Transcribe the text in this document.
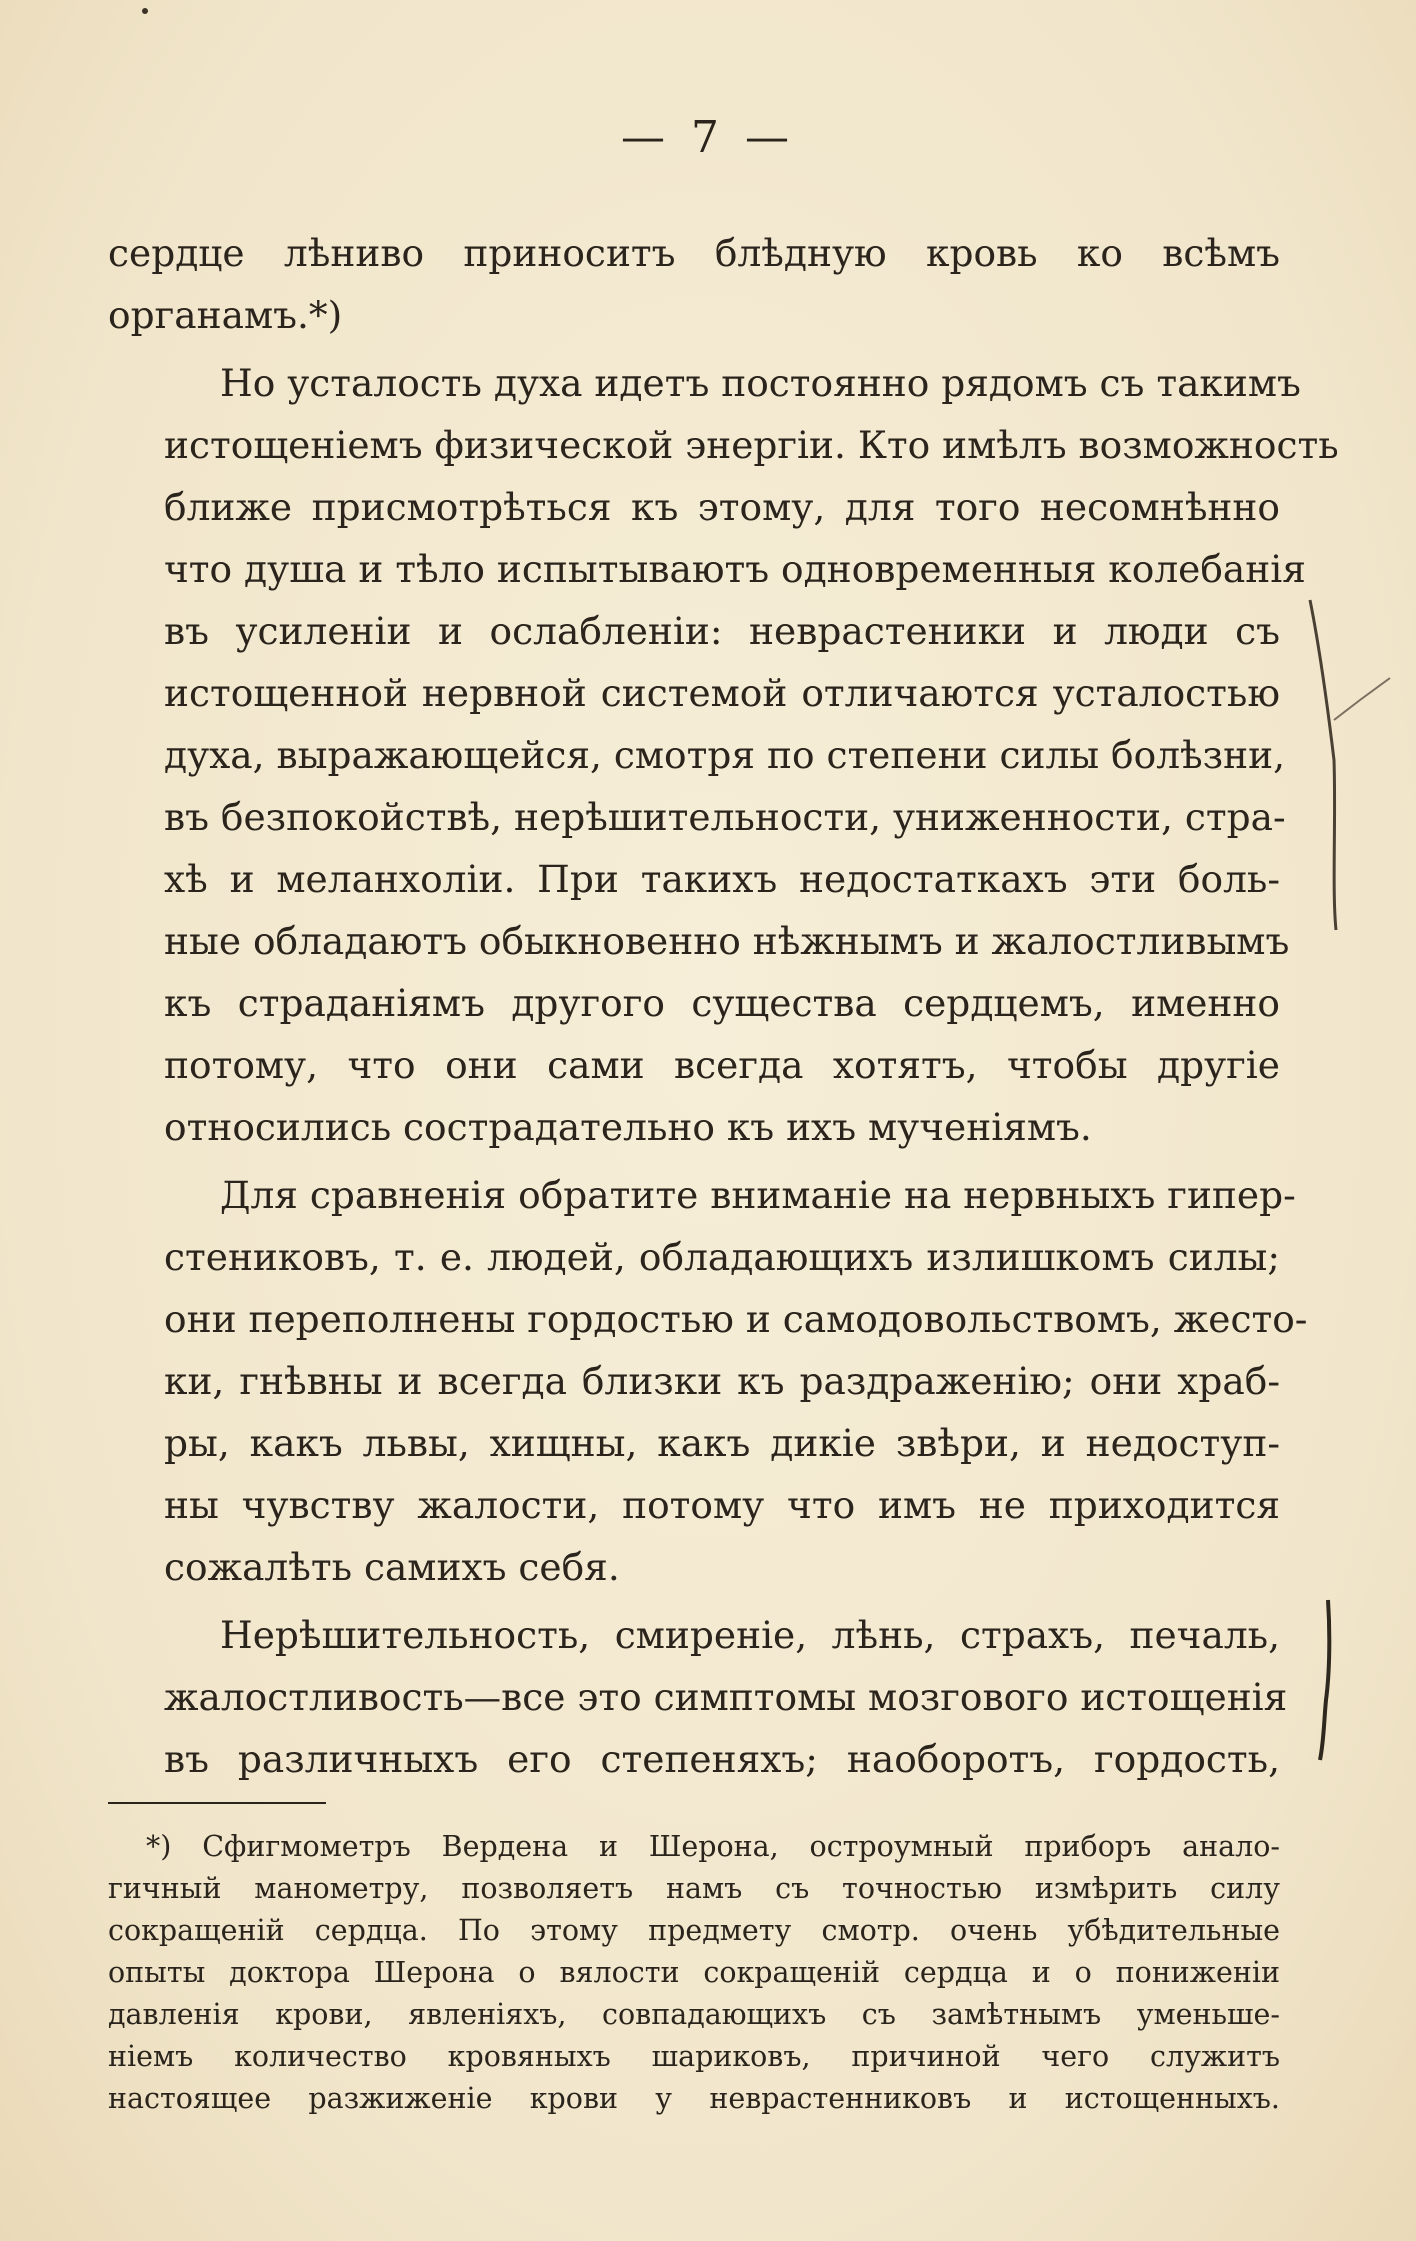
— 7 —

сердце лѣниво приноситъ блѣдную кровь ко всѣмъ
органамъ.*)

Но усталость духа идетъ постоянно рядомъ съ такимъ
истощеніемъ физической энергіи. Кто имѣлъ возможность
ближе присмотрѣться къ этому, для того несомнѣнно
что душа и тѣло испытываютъ одновременныя колебанія
въ усиленіи и ослабленіи: неврастеники и люди съ
истощенной нервной системой отличаются усталостью
духа, выражающейся, смотря по степени силы болѣзни,
въ безпокойствѣ, нерѣшительности, униженности, стра-
хѣ и меланхоліи. При такихъ недостаткахъ эти боль-
ные обладаютъ обыкновенно нѣжнымъ и жалостливымъ
къ страданіямъ другого существа сердцемъ, именно
потому, что они сами всегда хотятъ, чтобы другіе
относились сострадательно къ ихъ мученіямъ.

Для сравненія обратите вниманіе на нервныхъ гипер-
стениковъ, т. е. людей, обладающихъ излишкомъ силы;
они переполнены гордостью и самодовольствомъ, жесто-
ки, гнѣвны и всегда близки къ раздраженію; они храб-
ры, какъ львы, хищны, какъ дикіе звѣри, и недоступ-
ны чувству жалости, потому что имъ не приходится
сожалѣть самихъ себя.

Нерѣшительность, смиреніе, лѣнь, страхъ, печаль,
жалостливость—все это симптомы мозгового истощенія
въ различныхъ его степеняхъ; наоборотъ, гордость,

*) Сфигмометръ Вердена и Шерона, остроумный приборъ анало-
гичный манометру, позволяетъ намъ съ точностью измѣрить силу
сокращеній сердца. По этому предмету смотр. очень убѣдительные
опыты доктора Шерона о вялости сокращеній сердца и о пониженіи
давленія крови, явленіяхъ, совпадающихъ съ замѣтнымъ уменьше-
ніемъ количество кровяныхъ шариковъ, причиной чего служитъ
настоящее разжиженіе крови у неврастенниковъ и истощенныхъ.
